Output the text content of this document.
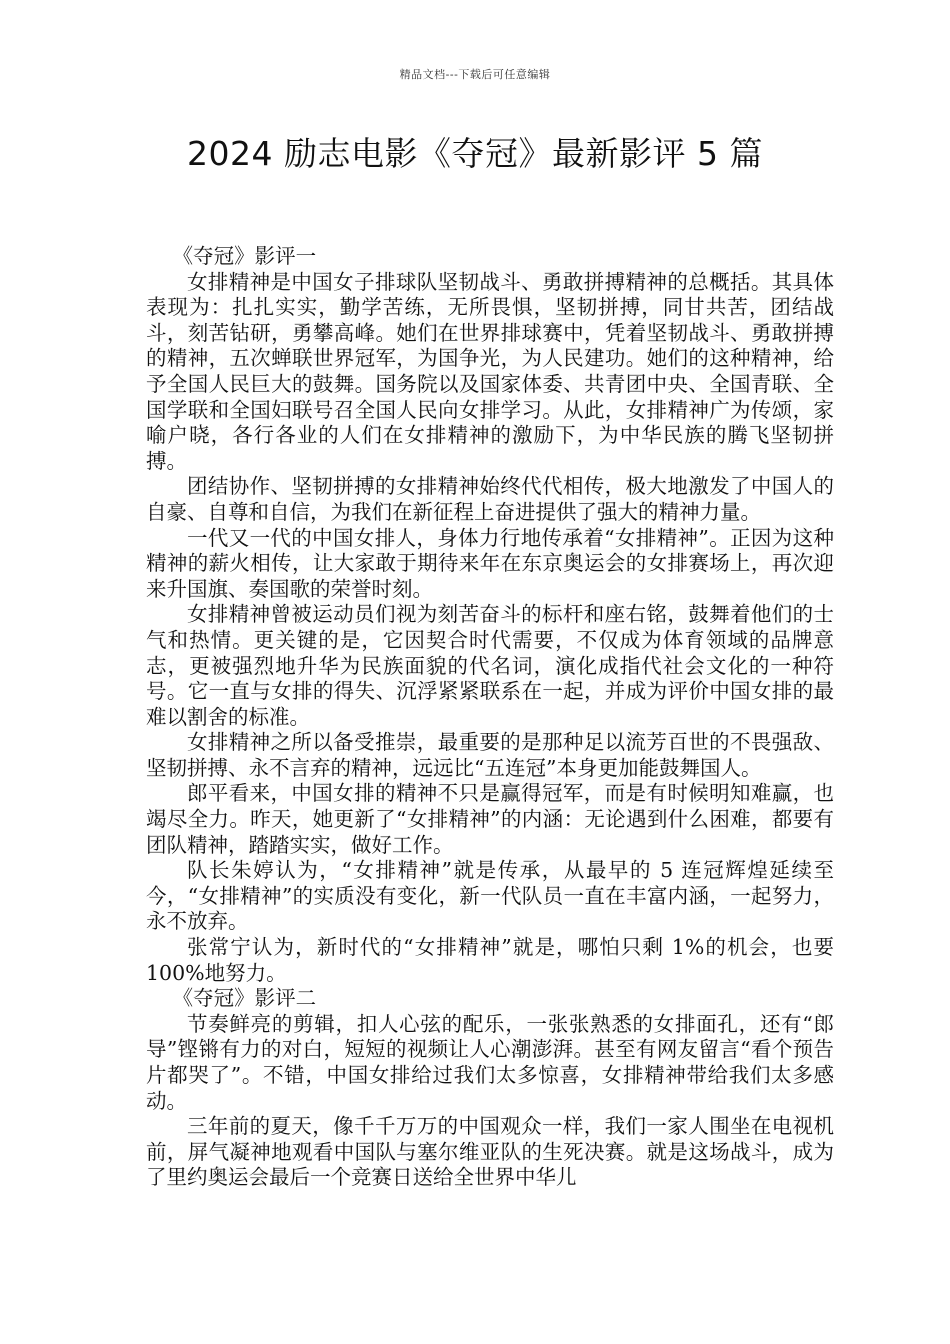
精品文档---下载后可任意编辑
2024 励志电影《夺冠》最新影评 5 篇

《夺冠》影评一

女排精神是中国女子排球队坚韧战斗、勇敢拼搏精神的总概括。其具体表现为：扎扎实实，勤学苦练，无所畏惧，坚韧拼搏，同甘共苦，团结战斗，刻苦钻研，勇攀高峰。她们在世界排球赛中，凭着坚韧战斗、勇敢拼搏的精神，五次蝉联世界冠军，为国争光，为人民建功。她们的这种精神，给予全国人民巨大的鼓舞。国务院以及国家体委、共青团中央、全国青联、全国学联和全国妇联号召全国人民向女排学习。从此，女排精神广为传颂，家喻户晓，各行各业的人们在女排精神的激励下，为中华民族的腾飞坚韧拼搏。

团结协作、坚韧拼搏的女排精神始终代代相传，极大地激发了中国人的自豪、自尊和自信，为我们在新征程上奋进提供了强大的精神力量。

一代又一代的中国女排人，身体力行地传承着“女排精神”。正因为这种精神的薪火相传，让大家敢于期待来年在东京奥运会的女排赛场上，再次迎来升国旗、奏国歌的荣誉时刻。

女排精神曾被运动员们视为刻苦奋斗的标杆和座右铭，鼓舞着他们的士气和热情。更关键的是，它因契合时代需要，不仅成为体育领域的品牌意志，更被强烈地升华为民族面貌的代名词，演化成指代社会文化的一种符号。它一直与女排的得失、沉浮紧紧联系在一起，并成为评价中国女排的最难以割舍的标准。

女排精神之所以备受推崇，最重要的是那种足以流芳百世的不畏强敌、坚韧拼搏、永不言弃的精神，远远比“五连冠”本身更加能鼓舞国人。

郎平看来，中国女排的精神不只是赢得冠军，而是有时候明知难赢，也竭尽全力。昨天，她更新了“女排精神”的内涵：无论遇到什么困难，都要有团队精神，踏踏实实，做好工作。

队长朱婷认为，“女排精神”就是传承，从最早的 5 连冠辉煌延续至今，“女排精神”的实质没有变化，新一代队员一直在丰富内涵，一起努力，永不放弃。

张常宁认为，新时代的“女排精神”就是，哪怕只剩 1%的机会，也要 100%地努力。

《夺冠》影评二

节奏鲜亮的剪辑，扣人心弦的配乐，一张张熟悉的女排面孔，还有“郎导”铿锵有力的对白，短短的视频让人心潮澎湃。甚至有网友留言“看个预告片都哭了”。不错，中国女排给过我们太多惊喜，女排精神带给我们太多感动。

三年前的夏天，像千千万万的中国观众一样，我们一家人围坐在电视机前，屏气凝神地观看中国队与塞尔维亚队的生死决赛。就是这场战斗，成为了里约奥运会最后一个竞赛日送给全世界中华儿
